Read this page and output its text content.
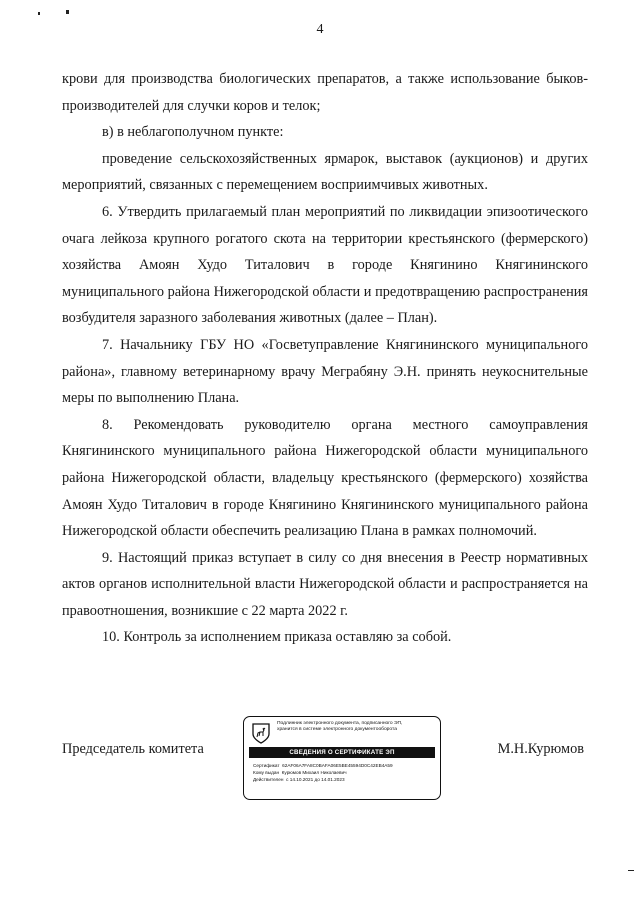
4

крови для производства биологических препаратов, а также использование быков-производителей для случки коров и телок;

в) в неблагополучном пункте:

проведение сельскохозяйственных ярмарок, выставок (аукционов) и других мероприятий, связанных с перемещением восприимчивых животных.

6. Утвердить прилагаемый план мероприятий по ликвидации эпизоотического очага лейкоза крупного рогатого скота на территории крестьянского (фермерского) хозяйства Амоян Худо Титалович в городе Княгинино Княгининского муниципального района Нижегородской области и предотвращению распространения возбудителя заразного заболевания животных (далее – План).

7. Начальнику ГБУ НО «Госветуправление Княгининского муниципального района», главному ветеринарному врачу Меграбяну Э.Н. принять неукоснительные меры по выполнению Плана.

8. Рекомендовать руководителю органа местного самоуправления Княгининского муниципального района Нижегородской области муниципального района Нижегородской области, владельцу крестьянского (фермерского) хозяйства Амоян Худо Титалович в городе Княгинино Княгининского муниципального района Нижегородской области обеспечить реализацию Плана в рамках полномочий.

9. Настоящий приказ вступает в силу со дня внесения в Реестр нормативных актов органов исполнительной власти Нижегородской области и распространяется на правоотношения, возникшие с 22 марта 2022 г.

10. Контроль за исполнением приказа оставляю за собой.

Председатель комитета	М.Н.Курюмов
Подлинник электронного документа, подписанного ЭП,
хранится в системе электронного документооборота
СВЕДЕНИЯ О СЕРТИФИКАТЕ ЭП
Сертификат 62AF06A7FA8C0BAFA06E5BE45594D0C42EB4A59
Кому выдан Курюмов Михаил Николаевич
Действителен с 14.10.2021 до 14.01.2023
